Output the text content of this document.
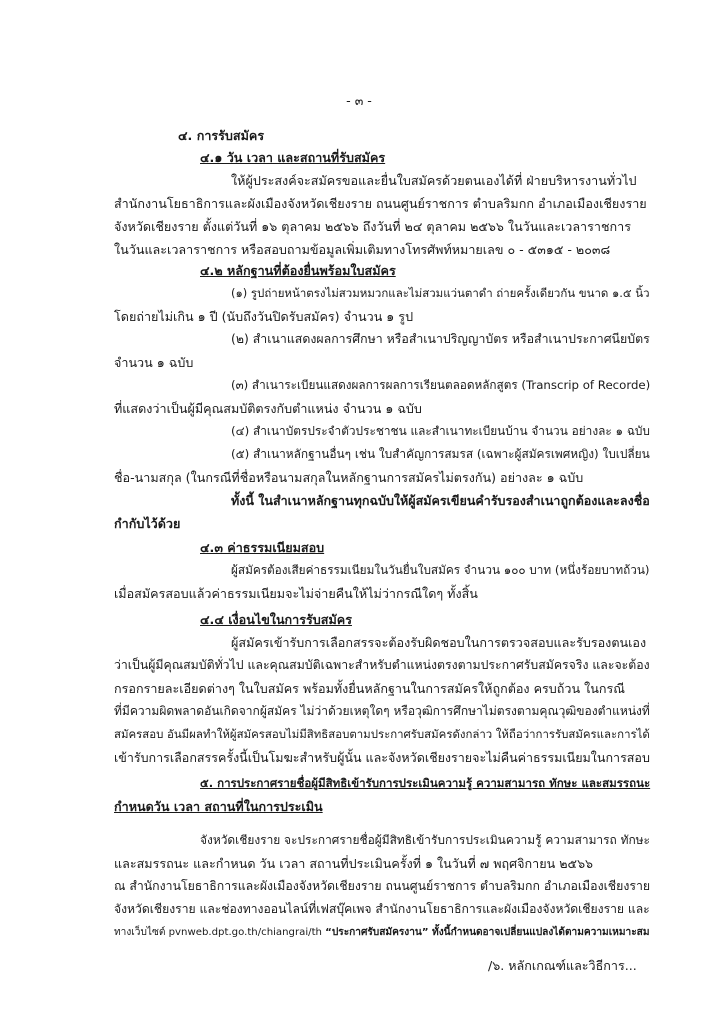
- ๓ -
๔. การรับสมัคร
๔.๑ วัน เวลา และสถานที่รับสมัคร
ให้ผู้ประสงค์จะสมัครขอและยื่นใบสมัครด้วยตนเองได้ที่ ฝ่ายบริหารงานทั่วไป
สำนักงานโยธาธิการและผังเมืองจังหวัดเชียงราย ถนนศูนย์ราชการ ตำบลริมกก อำเภอเมืองเชียงราย
จังหวัดเชียงราย ตั้งแต่วันที่ ๑๖ ตุลาคม ๒๕๖๖ ถึงวันที่ ๒๔ ตุลาคม ๒๕๖๖ ในวันและเวลาราชการ
ในวันและเวลาราชการ หรือสอบถามข้อมูลเพิ่มเติมทางโทรศัพท์หมายเลข ๐ - ๕๓๑๕ - ๒๐๓๘
๔.๒ หลักฐานที่ต้องยื่นพร้อมใบสมัคร
(๑) รูปถ่ายหน้าตรงไม่สวมหมวกและไม่สวมแว่นตาดำ ถ่ายครั้งเดียวกัน ขนาด ๑.๕ นิ้ว
โดยถ่ายไม่เกิน ๑ ปี (นับถึงวันปิดรับสมัคร) จำนวน ๑ รูป
(๒) สำเนาแสดงผลการศึกษา หรือสำเนาปริญญาบัตร หรือสำเนาประกาศนียบัตร
จำนวน ๑ ฉบับ
(๓) สำเนาระเบียนแสดงผลการผลการเรียนตลอดหลักสูตร (Transcrip of Recorde)
ที่แสดงว่าเป็นผู้มีคุณสมบัติตรงกับตำแหน่ง จำนวน ๑ ฉบับ
(๔) สำเนาบัตรประจำตัวประชาชน และสำเนาทะเบียนบ้าน จำนวน อย่างละ ๑ ฉบับ
(๕) สำเนาหลักฐานอื่นๆ เช่น ใบสำคัญการสมรส (เฉพาะผู้สมัครเพศหญิง) ใบเปลี่ยน
ชื่อ-นามสกุล (ในกรณีที่ชื่อหรือนามสกุลในหลักฐานการสมัครไม่ตรงกัน) อย่างละ ๑ ฉบับ
ทั้งนี้ ในสำเนาหลักฐานทุกฉบับให้ผู้สมัครเขียนคำรับรองสำเนาถูกต้องและลงชื่อ
กำกับไว้ด้วย
๔.๓ ค่าธรรมเนียมสอบ
ผู้สมัครต้องเสียค่าธรรมเนียมในวันยื่นใบสมัคร จำนวน ๑๐๐ บาท (หนึ่งร้อยบาทถ้วน)
เมื่อสมัครสอบแล้วค่าธรรมเนียมจะไม่จ่ายคืนให้ไม่ว่ากรณีใดๆ ทั้งสิ้น
๔.๔ เงื่อนไขในการรับสมัคร
ผู้สมัครเข้ารับการเลือกสรรจะต้องรับผิดชอบในการตรวจสอบและรับรองตนเอง
ว่าเป็นผู้มีคุณสมบัติทั่วไป และคุณสมบัติเฉพาะสำหรับตำแหน่งตรงตามประกาศรับสมัครจริง และจะต้อง
กรอกรายละเอียดต่างๆ ในใบสมัคร พร้อมทั้งยื่นหลักฐานในการสมัครให้ถูกต้อง ครบถ้วน ในกรณี
ที่มีความผิดพลาดอันเกิดจากผู้สมัคร ไม่ว่าด้วยเหตุใดๆ หรือวุฒิการศึกษาไม่ตรงตามคุณวุฒิของตำแหน่งที่
สมัครสอบ อันมีผลทำให้ผู้สมัครสอบไม่มีสิทธิสอบตามประกาศรับสมัครดังกล่าว ให้ถือว่าการรับสมัครและการได้
เข้ารับการเลือกสรรครั้งนี้เป็นโมฆะสำหรับผู้นั้น และจังหวัดเชียงรายจะไม่คืนค่าธรรมเนียมในการสอบ
๕. การประกาศรายชื่อผู้มีสิทธิเข้ารับการประเมินความรู้ ความสามารถ ทักษะ และสมรรถนะ
กำหนดวัน เวลา สถานที่ในการประเมิน
จังหวัดเชียงราย จะประกาศรายชื่อผู้มีสิทธิเข้ารับการประเมินความรู้ ความสามารถ ทักษะ
และสมรรถนะ และกำหนด วัน เวลา สถานที่ประเมินครั้งที่ ๑ ในวันที่ ๗ พฤศจิกายน ๒๕๖๖
ณ สำนักงานโยธาธิการและผังเมืองจังหวัดเชียงราย ถนนศูนย์ราชการ ตำบลริมกก อำเภอเมืองเชียงราย
จังหวัดเชียงราย และช่องทางออนไลน์ที่เฟสบุ๊คเพจ สำนักงานโยธาธิการและผังเมืองจังหวัดเชียงราย และ
ทางเว็บไซต์ pvnweb.dpt.go.th/chiangrai/th “ประกาศรับสมัครงาน” ทั้งนี้กำหนดอาจเปลี่ยนแปลงได้ตามความเหมาะสม
/๖. หลักเกณฑ์และวิธีการ...
